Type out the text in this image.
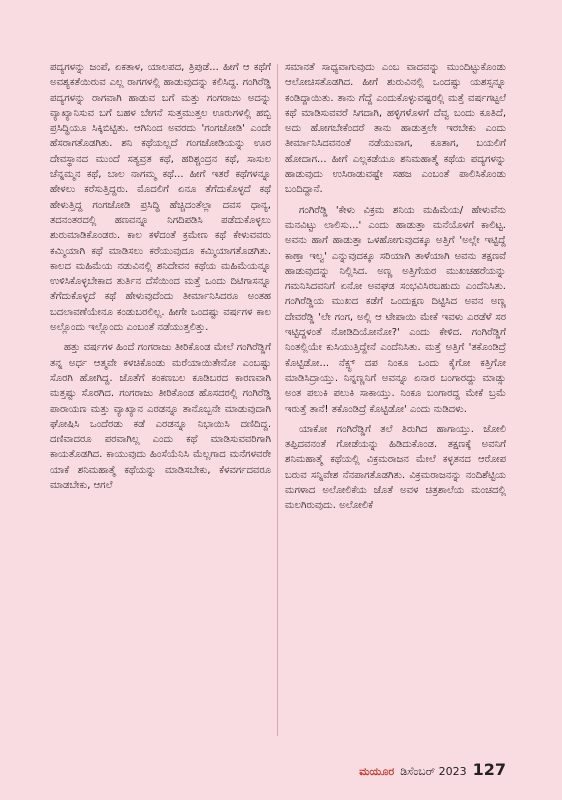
ಪದ್ಯಗಳನ್ನು ಜಂಪೆ, ಏಕತಾಳ, ಯಾಲಪದ, ತ್ರಿಪುಡೆ... ಹೀಗೆ ಆ ಕಥೆಗೆ ಅವಶ್ಯಕತೆಯಿರುವ ಎಲ್ಲ ರಾಗಗಳಲ್ಲಿ ಹಾಡುವುದನ್ನು ಕಲಿಸಿದ್ದ. ಗಂಗಿರೆಡ್ಡಿ ಪದ್ಯಗಳನ್ನು ರಾಗವಾಗಿ ಹಾಡುವ ಬಗೆ ಮತ್ತು ಗಂಗರಾಜು ಅದನ್ನು ವ್ಯಾಖ್ಯಾನಿಸುವ ಬಗೆ ಬಹಳ ಬೇಗನೆ ಸುತ್ತಮುತ್ತಲ ಊರುಗಳಲ್ಲಿ ಹಬ್ಬಿ ಪ್ರಸಿದ್ಧಿಯೂ ಸಿಕ್ಕಿಬಿಟ್ಟಿತು. ಆಗಿನಿಂದ ಅವರದು 'ಗಂಗಜೋಡಿ' ಎಂದೇ ಹೆಸರಾಗತೊಡಗಿತು. ಶನಿ ಕಥೆಯಲ್ಲದೆ ಗಂಗಜೋಡಿಯನ್ನು ಊರ ದೇವಸ್ಥಾನದ ಮುಂದೆ ಸತ್ಯವ್ರತ ಕಥೆ, ಹರಿಶ್ಚಂದ್ರನ ಕಥೆ, ಸಾಸುಲ ಚೆನ್ನಮ್ಮನ ಕಥೆ, ಬಾಲ ನಾಗಮ್ಮ ಕಥೆ... ಹೀಗೆ ಇತರೆ ಕಥೆಗಳನ್ನೂ ಹೇಳಲು ಕರೆಸುತ್ತಿದ್ದರು. ಮೊದಲಿಗೆ ಏನೂ ತೆಗೆದುಕೊಳ್ಳದೆ ಕಥೆ ಹೇಳುತ್ತಿದ್ದ ಗಂಗಜೋಡಿ ಪ್ರಸಿದ್ಧಿ ಹೆಚ್ಚಿದಂತೆಲ್ಲಾ ದವಸ ಧಾನ್ಯ, ತದನಂತರದಲ್ಲಿ ಹಣವನ್ನೂ ನಿಗದಿಪಡಿಸಿ ಪಡೆದುಕೊಳ್ಳಲು ಶುರುಮಾಡಿಕೊಂಡರು. ಕಾಲ ಕಳೆದಂತೆ ಕ್ರಮೇಣ ಕಥೆ ಕೇಳುವವರು ಕಮ್ಮಿಯಾಗಿ ಕಥೆ ಮಾಡಿಸಲು ಕರೆಯುವುದೂ ಕಮ್ಮಿಯಾಗತೊಡಗಿತು. ಕಾಲದ ಮಹಿಮೆಯ ನಡುವಿನಲ್ಲಿ ಶನಿದೇವನ ಕಥೆಯ ಮಹಿಮೆಯನ್ನೂ ಉಳಿಸಿಕೊಳ್ಳಬೇಕಾದ ತುರ್ತಿನ ದೆಸೆಯಿಂದ ಮತ್ತೆ ಒಂದು ದಿಟಿಗಾಸನ್ನೂ ತೆಗೆದುಕೊಳ್ಳದೆ ಕಥೆ ಹೇಳುವುದೆಂದು ತೀರ್ಮಾನಿಸಿದರೂ ಅಂತಹ ಬದಲಾವಣೆಯೇನೂ ಕಂಡುಬರಲಿಲ್ಲ. ಹೀಗೇ ಒಂದಷ್ಟು ವರ್ಷಗಳ ಕಾಲ ಅಲ್ಲೊಂದು ಇಲ್ಲೊಂದು ಎಂಬಂತೆ ನಡೆಯುತ್ತಲಿತ್ತು.

ಹತ್ತು ವರ್ಷಗಳ ಹಿಂದೆ ಗಂಗರಾಜು ತೀರಿಕೊಂಡ ಮೇಲೆ ಗಂಗಿರೆಡ್ಡಿಗೆ ತನ್ನ ಅರ್ಧ ಆತ್ಮವೇ ಕಳಚಿಕೊಂಡು ಮರೆಯಾಯಿತೇನೋ ಎಂಬಷ್ಟು ಸೊರಗಿ ಹೋಗಿದ್ದ. ಜೊತೆಗೆ ಕಂಕಣಬಲ ಕೂಡಿಬರದ ಕಾರಣವಾಗಿ ಮತ್ತಷ್ಟು ಸೊರಗಿದ. ಗಂಗರಾಜು ತೀರಿಕೊಂಡ ಹೊಸದರಲ್ಲಿ ಗಂಗಿರೆಡ್ಡಿ ಪಾರಾಯಣ ಮತ್ತು ವ್ಯಾಖ್ಯಾನ ಎರಡನ್ನೂ ತಾನೊಬ್ಬನೇ ಮಾಡುವುದಾಗಿ ಘೋಷಿಸಿ ಒಂದೆರಡು ಕಡೆ ಎರಡನ್ನೂ ನಿಭಾಯಿಸಿ ದಣಿದಿದ್ದ. ದಣಿವಾದರೂ ಪರವಾಗಿಲ್ಲ ಎಂದು ಕಥೆ ಮಾಡಿಸುವವರಿಗಾಗಿ ಕಾಯತೊಡಗಿದ. ಕಾಯುವುದು ಹಿಂಸೆಯೆನಿಸಿ ಮೆಲ್ಲಗಾದ ಮನೆಗಳವರೇ ಯಾಕೆ ಶನಿಮಹಾತ್ಮೆ ಕಥೆಯನ್ನು ಮಾಡಿಸಬೇಕು, ಕೆಳವರ್ಗದವರೂ ಮಾಡಬೇಕು, ಆಗಲೆ

ಸಮಾನತೆ ಸಾಧ್ಯವಾಗುವುದು ಎಂಬ ವಾದವನ್ನು ಮುಂದಿಟ್ಟುಕೊಂಡು ಆಲೋಚಿಸತೊಡಗಿದ. ಹೀಗೆ ಶುರುವಿನಲ್ಲಿ ಒಂದಷ್ಟು ಯಶಸ್ಸನ್ನೂ ಕಂಡಿದ್ದಾಯಿತು. ತಾನು ಗೆದ್ದೆ ಎಂದುಕೊಳ್ಳುವಷ್ಟರಲ್ಲಿ ಮತ್ತೆ ವರ್ಷಗಟ್ಟಲೆ ಕಥೆ ಮಾಡಿಸುವವರೆ ಸಿಗದಾಗಿ, ಹಳ್ಳಿಗಳೊಳಗೆ ದೆವ್ವ ಬಂದು ಕೂತಿದೆ, ಅದು ಹೋಗಬೇಕೆಂದರೆ ತಾನು ಹಾಡುತ್ತಲೇ ಇರಬೇಕು ಎಂದು ತೀರ್ಮಾನಿಸಿದವನಂತೆ ನಡೆಯುವಾಗ, ಕೂತಾಗ, ಬಯಲಿಗೆ ಹೋದಾಗ... ಹೀಗೆ ಎಲ್ಲಕಡೆಯೂ ಶನಿಮಹಾತ್ಮೆ ಕಥೆಯ ಪದ್ಯಗಳನ್ನು ಹಾಡುವುದು ಉಸಿರಾಡುವಷ್ಟೇ ಸಹಜ ಎಂಬಂತೆ ಪಾಲಿಸಿಕೊಂಡು ಬಂದಿದ್ದಾನೆ.

ಗಂಗಿರೆಡ್ಡಿ 'ಕೇಳು ವಿಕ್ರಮ ಶನಿಯ ಮಹಿಮೆಯ/ ಹೇಳುವೆನು ಮನವಿಟ್ಟು ಲಾಲಿಸು...' ಎಂದು ಹಾಡುತ್ತಾ ಮನೆಯೊಳಗೆ ಕಾಲಿಟ್ಟ. ಅವನು ಹಾಗೆ ಹಾಡುತ್ತಾ ಒಳಹೋಗುವುದಕ್ಕೂ ಅತ್ತಿಗೆ 'ಅಲ್ಲೇ ಇಟ್ಟಿದ್ದೆ ಕಾಣ್ತಾ ಇಲ್ವ' ಎನ್ನುವುದಕ್ಕೂ ಸರಿಯಾಗಿ ತಾಳೆಯಾಗಿ ಅವನು ತಕ್ಷಣವೆ ಹಾಡುವುದನ್ನು ನಿಲ್ಲಿಸಿದ. ಅಣ್ಣ ಅತ್ತಿಗೆಯರ ಮುಖಚಹರೆಯನ್ನು ಗಮನಿಸಿದವನಿಗೆ ಏನೋ ಅವಘಡ ಸಂಭವಿಸಿರಬಹುದು ಎಂದೆನಿಸಿತು. ಗಂಗಿರೆಡ್ಡಿಯ ಮುಖದ ಕಡೆಗೆ ಒಂದುಕ್ಷಣ ದಿಟ್ಟಿಸಿದ ಅವನ ಅಣ್ಣ ದೇವರೆಡ್ಡಿ 'ಲೇ ಗಂಗ, ಅಲ್ಲಿ ಆ ಟೇಪಾಯಿ ಮೇಕೆ ಇವಳು ಎರಡೆಳೆ ಸರ ಇಟ್ಟಿದ್ದಳಂತೆ ನೋಡಿದಿಯೋನೋ?' ಎಂದು ಕೇಳಿದ. ಗಂಗಿರೆಡ್ಡಿಗೆ ನಿಂತಲ್ಲಿಯೇ ಕುಸಿಯುತ್ತಿದ್ದೇನೆ ಎಂದೆನಿಸಿತು. ಮತ್ತೆ ಅತ್ತಿಗೆ 'ತಕೊಂಡಿದ್ರೆ ಕೊಟ್ಟಿಡೋ... ನೆಕ್ಸ್ಟ್ ದಪ ನಿಂಕೂ ಒಂದು ಕೈಗೋ ಕತ್ತಿಗೋ ಮಾಡಿಸಿದ್ರಾಯ್ತು. ನಿನ್ನಣ್ಣನಿಗೆ ಅವನ್ನೂ ಏನಾರ ಬಂಗಾರದ್ದು ಮಾಡ್ಸು ಅಂತ ಪಲುಕಿ ಪಲುಕಿ ಸಾಕಾಯ್ತು. ನಿಂಕೂ ಬಂಗಾರದ್ದ ಮೇಕೆ ಬ್ರಮೆ ಇರುತ್ತೆ ತಾನೆ! ತಕೊಂಡಿದ್ರೆ ಕೊಟ್ಟಿಡೋ' ಎಂದು ನುಡಿದಳು.

ಯಾಕೋ ಗಂಗಿರೆಡ್ಡಿಗೆ ತಲೆ ತಿರುಗಿದ ಹಾಗಾಯ್ತು. ಜೋಲಿ ತಪ್ಪಿದವನಂತೆ ಗೋಡೆಯನ್ನು ಹಿಡಿದುಕೊಂಡ. ತಕ್ಷಣಕ್ಕೆ ಅವನಿಗೆ ಶನಿಮಹಾತ್ಮೆ ಕಥೆಯಲ್ಲಿ ವಿಕ್ರಮರಾಜನ ಮೇಲೆ ಕಳ್ಳತನದ ಆರೋಪ ಬರುವ ಸನ್ನಿವೇಶ ನೆನಪಾಗತೊಡಗಿತು. ವಿಕ್ರಮರಾಜನನ್ನು ನಂದಿಶೆಟ್ಟಿಯ ಮಗಳಾದ ಅಲೋಲಿಕೆಯ ಜೊತೆ ಅವಳ ಚಿತ್ರಶಾಲೆಯ ಮಂಚದಲ್ಲಿ ಮಲಗಿರುವುದು. ಅಲೋಲಿಕೆ

ಮಯೂರ ಡಿಸೆಂಬರ್ 2023 127
